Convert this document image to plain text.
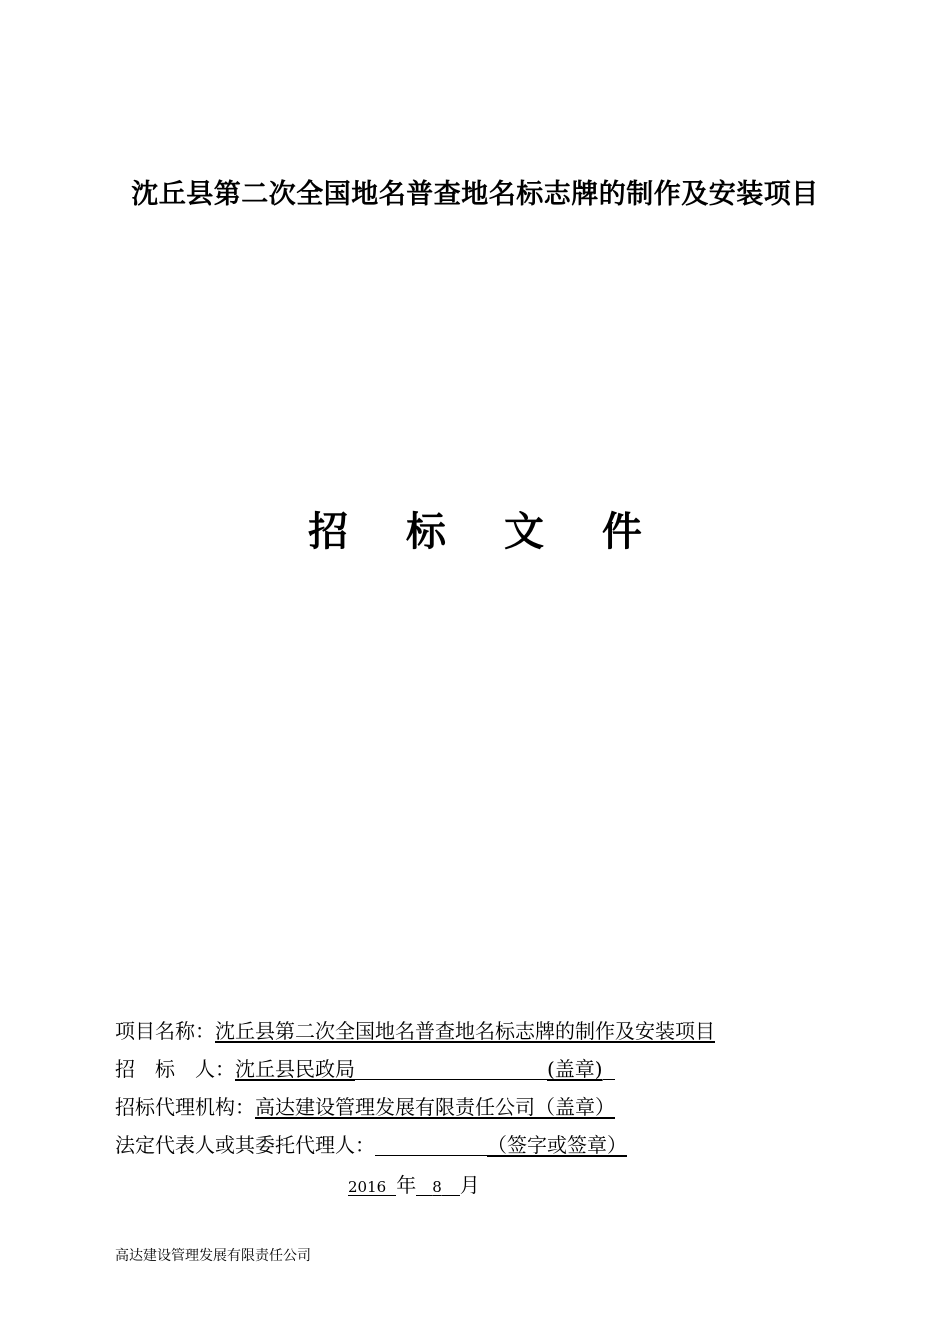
沈丘县第二次全国地名普查地名标志牌的制作及安装项目
招 标 文 件
项目名称：沈丘县第二次全国地名普查地名标志牌的制作及安装项目
招　标　人：沈丘县民政局	(盖章)
招标代理机构：高达建设管理发展有限责任公司（盖章）
法定代表人或其委托代理人：	（签字或签章）
2016 年 8 月
高达建设管理发展有限责任公司
